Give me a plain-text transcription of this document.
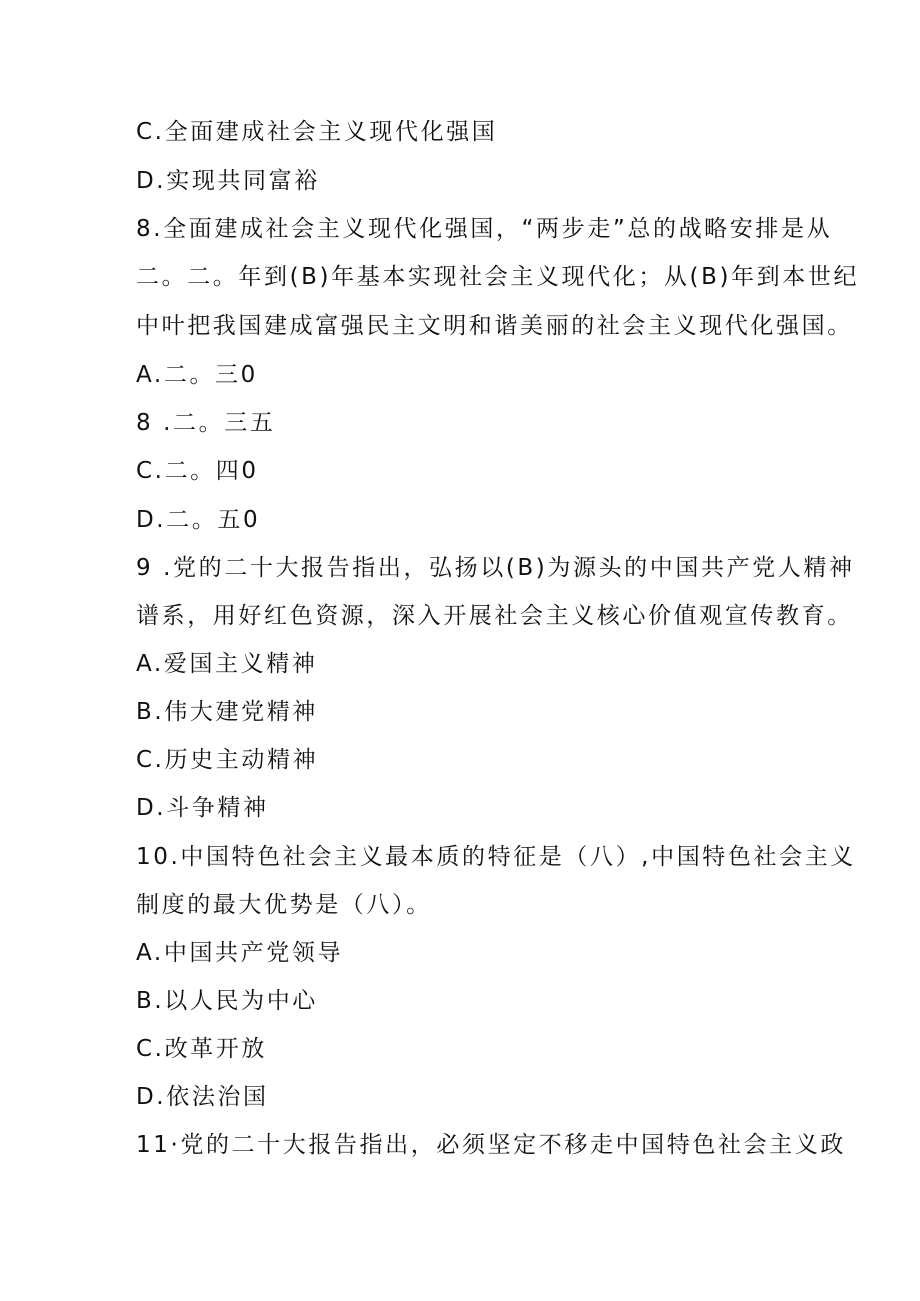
C.全面建成社会主义现代化强国
D.实现共同富裕
8.全面建成社会主义现代化强国，“两步走”总的战略安排是从
二。二。年到(B)年基本实现社会主义现代化；从(B)年到本世纪
中叶把我国建成富强民主文明和谐美丽的社会主义现代化强国。
A.二。三0
8 .二。三五
C.二。四0
D.二。五0
9 .党的二十大报告指出，弘扬以(B)为源头的中国共产党人精神
谱系，用好红色资源，深入开展社会主义核心价值观宣传教育。
A.爱国主义精神
B.伟大建党精神
C.历史主动精神
D.斗争精神
10.中国特色社会主义最本质的特征是（八）,中国特色社会主义
制度的最大优势是（八）。
A.中国共产党领导
B.以人民为中心
C.改革开放
D.依法治国
11·党的二十大报告指出，必须坚定不移走中国特色社会主义政
